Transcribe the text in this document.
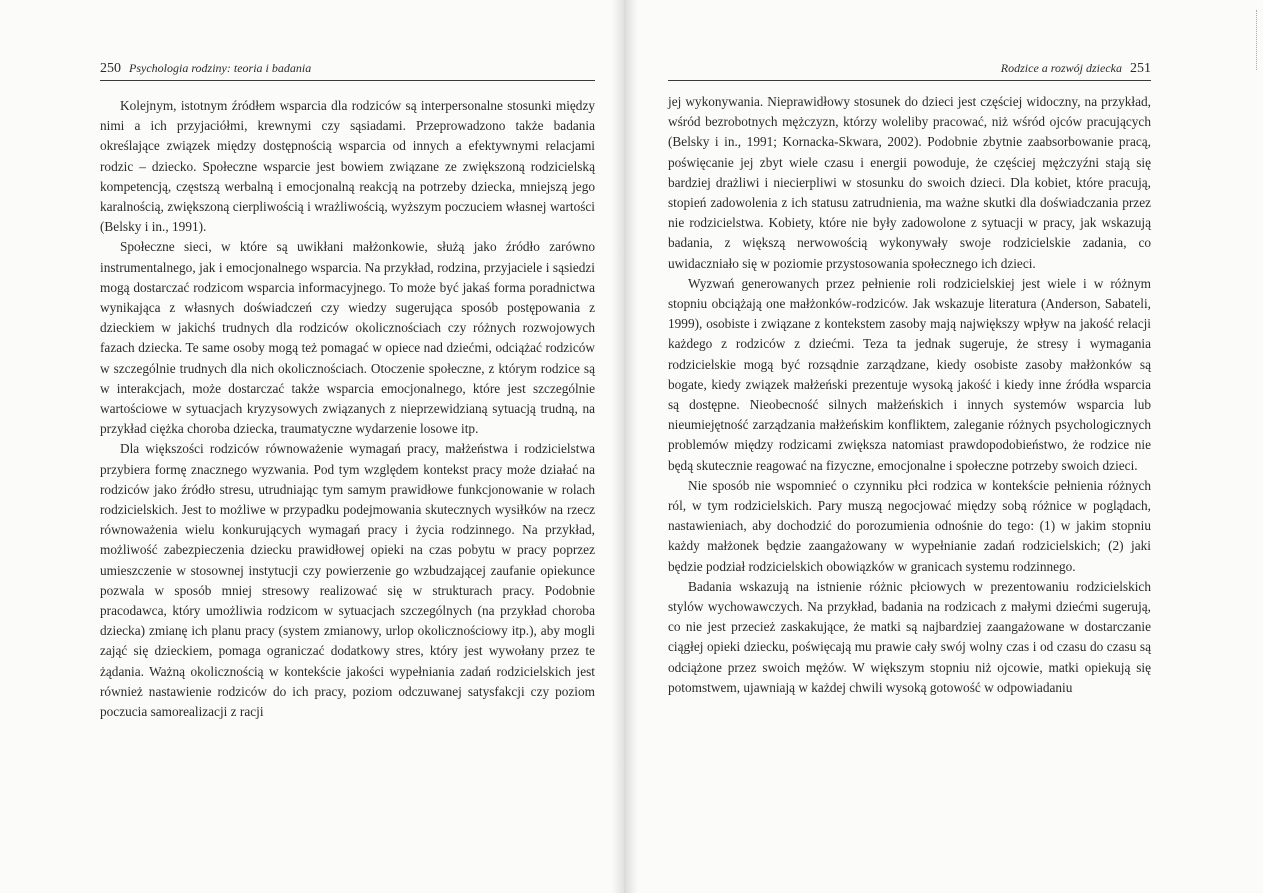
250 Psychologia rodziny: teoria i badania

Kolejnym, istotnym źródłem wsparcia dla rodziców są interpersonalne stosunki między nimi a ich przyjaciółmi, krewnymi czy sąsiadami. Przeprowadzono także badania określające związek między dostępnością wsparcia od innych a efektywnymi relacjami rodzic – dziecko. Społeczne wsparcie jest bowiem związane ze zwiększoną rodzicielską kompetencją, częstszą werbalną i emocjonalną reakcją na potrzeby dziecka, mniejszą jego karalnością, zwiększoną cierpliwością i wrażliwością, wyższym poczuciem własnej wartości (Belsky i in., 1991).

Społeczne sieci, w które są uwikłani małżonkowie, służą jako źródło zarówno instrumentalnego, jak i emocjonalnego wsparcia. Na przykład, rodzina, przyjaciele i sąsiedzi mogą dostarczać rodzicom wsparcia informacyjnego. To może być jakaś forma poradnictwa wynikająca z własnych doświadczeń czy wiedzy sugerująca sposób postępowania z dzieckiem w jakichś trudnych dla rodziców okolicznościach czy różnych rozwojowych fazach dziecka. Te same osoby mogą też pomagać w opiece nad dziećmi, odciążać rodziców w szczególnie trudnych dla nich okolicznościach. Otoczenie społeczne, z którym rodzice są w interakcjach, może dostarczać także wsparcia emocjonalnego, które jest szczególnie wartościowe w sytuacjach kryzysowych związanych z nieprzewidzianą sytuacją trudną, na przykład ciężka choroba dziecka, traumatyczne wydarzenie losowe itp.

Dla większości rodziców równoważenie wymagań pracy, małżeństwa i rodzicielstwa przybiera formę znacznego wyzwania. Pod tym względem kontekst pracy może działać na rodziców jako źródło stresu, utrudniając tym samym prawidłowe funkcjonowanie w rolach rodzicielskich. Jest to możliwe w przypadku podejmowania skutecznych wysiłków na rzecz równoważenia wielu konkurujących wymagań pracy i życia rodzinnego. Na przykład, możliwość zabezpieczenia dziecku prawidłowej opieki na czas pobytu w pracy poprzez umieszczenie w stosownej instytucji czy powierzenie go wzbudzającej zaufanie opiekunce pozwala w sposób mniej stresowy realizować się w strukturach pracy. Podobnie pracodawca, który umożliwia rodzicom w sytuacjach szczególnych (na przykład choroba dziecka) zmianę ich planu pracy (system zmianowy, urlop okolicznościowy itp.), aby mogli zająć się dzieckiem, pomaga ograniczać dodatkowy stres, który jest wywołany przez te żądania. Ważną okolicznością w kontekście jakości wypełniania zadań rodzicielskich jest również nastawienie rodziców do ich pracy, poziom odczuwanej satysfakcji czy poziom poczucia samorealizacji z racji

Rodzice a rozwój dziecka 251

jej wykonywania. Nieprawidłowy stosunek do dzieci jest częściej widoczny, na przykład, wśród bezrobotnych mężczyzn, którzy woleliby pracować, niż wśród ojców pracujących (Belsky i in., 1991; Kornacka-Skwara, 2002). Podobnie zbytnie zaabsorbowanie pracą, poświęcanie jej zbyt wiele czasu i energii powoduje, że częściej mężczyźni stają się bardziej drażliwi i niecierpliwi w stosunku do swoich dzieci. Dla kobiet, które pracują, stopień zadowolenia z ich statusu zatrudnienia, ma ważne skutki dla doświadczania przez nie rodzicielstwa. Kobiety, które nie były zadowolone z sytuacji w pracy, jak wskazują badania, z większą nerwowością wykonywały swoje rodzicielskie zadania, co uwidaczniało się w poziomie przystosowania społecznego ich dzieci.

Wyzwań generowanych przez pełnienie roli rodzicielskiej jest wiele i w różnym stopniu obciążają one małżonków-rodziców. Jak wskazuje literatura (Anderson, Sabateli, 1999), osobiste i związane z kontekstem zasoby mają największy wpływ na jakość relacji każdego z rodziców z dziećmi. Teza ta jednak sugeruje, że stresy i wymagania rodzicielskie mogą być rozsądnie zarządzane, kiedy osobiste zasoby małżonków są bogate, kiedy związek małżeński prezentuje wysoką jakość i kiedy inne źródła wsparcia są dostępne. Nieobecność silnych małżeńskich i innych systemów wsparcia lub nieumiejętność zarządzania małżeńskim konfliktem, zaleganie różnych psychologicznych problemów między rodzicami zwiększa natomiast prawdopodobieństwo, że rodzice nie będą skutecznie reagować na fizyczne, emocjonalne i społeczne potrzeby swoich dzieci.

Nie sposób nie wspomnieć o czynniku płci rodzica w kontekście pełnienia różnych ról, w tym rodzicielskich. Pary muszą negocjować między sobą różnice w poglądach, nastawieniach, aby dochodzić do porozumienia odnośnie do tego: (1) w jakim stopniu każdy małżonek będzie zaangażowany w wypełnianie zadań rodzicielskich; (2) jaki będzie podział rodzicielskich obowiązków w granicach systemu rodzinnego.

Badania wskazują na istnienie różnic płciowych w prezentowaniu rodzicielskich stylów wychowawczych. Na przykład, badania na rodzicach z małymi dziećmi sugerują, co nie jest przecież zaskakujące, że matki są najbardziej zaangażowane w dostarczanie ciągłej opieki dziecku, poświęcają mu prawie cały swój wolny czas i od czasu do czasu są odciążone przez swoich mężów. W większym stopniu niż ojcowie, matki opiekują się potomstwem, ujawniają w każdej chwili wysoką gotowość w odpowiadaniu
